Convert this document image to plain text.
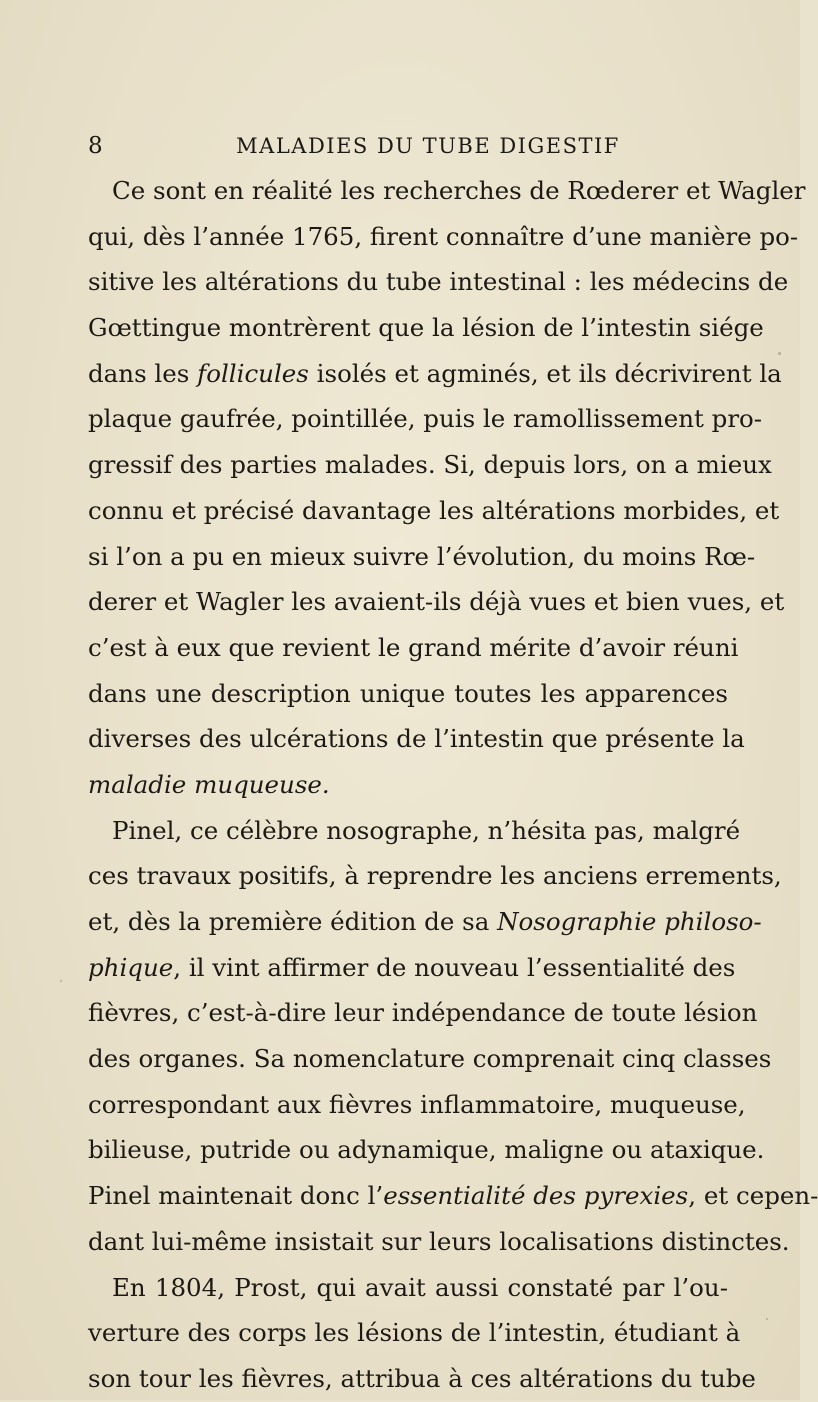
8	MALADIES DU TUBE DIGESTIF
Ce sont en réalité les recherches de Rœderer et Wagler
qui, dès l’année 1765, firent connaître d’une manière po-
sitive les altérations du tube intestinal : les médecins de
Gœttingue montrèrent que la lésion de l’intestin siége
dans les follicules isolés et agminés, et ils décrivirent la
plaque gaufrée, pointillée, puis le ramollissement pro-
gressif des parties malades. Si, depuis lors, on a mieux
connu et précisé davantage les altérations morbides, et
si l’on a pu en mieux suivre l’évolution, du moins Rœ-
derer et Wagler les avaient-ils déjà vues et bien vues, et
c’est à eux que revient le grand mérite d’avoir réuni
dans une description unique toutes les apparences
diverses des ulcérations de l’intestin que présente la
maladie muqueuse.
Pinel, ce célèbre nosographe, n’hésita pas, malgré
ces travaux positifs, à reprendre les anciens errements,
et, dès la première édition de sa Nosographie philoso-
phique, il vint affirmer de nouveau l’essentialité des
fièvres, c’est-à-dire leur indépendance de toute lésion
des organes. Sa nomenclature comprenait cinq classes
correspondant aux fièvres inflammatoire, muqueuse,
bilieuse, putride ou adynamique, maligne ou ataxique.
Pinel maintenait donc l’essentialité des pyrexies, et cepen-
dant lui-même insistait sur leurs localisations distinctes.
En 1804, Prost, qui avait aussi constaté par l’ou-
verture des corps les lésions de l’intestin, étudiant à
son tour les fièvres, attribua à ces altérations du tube
